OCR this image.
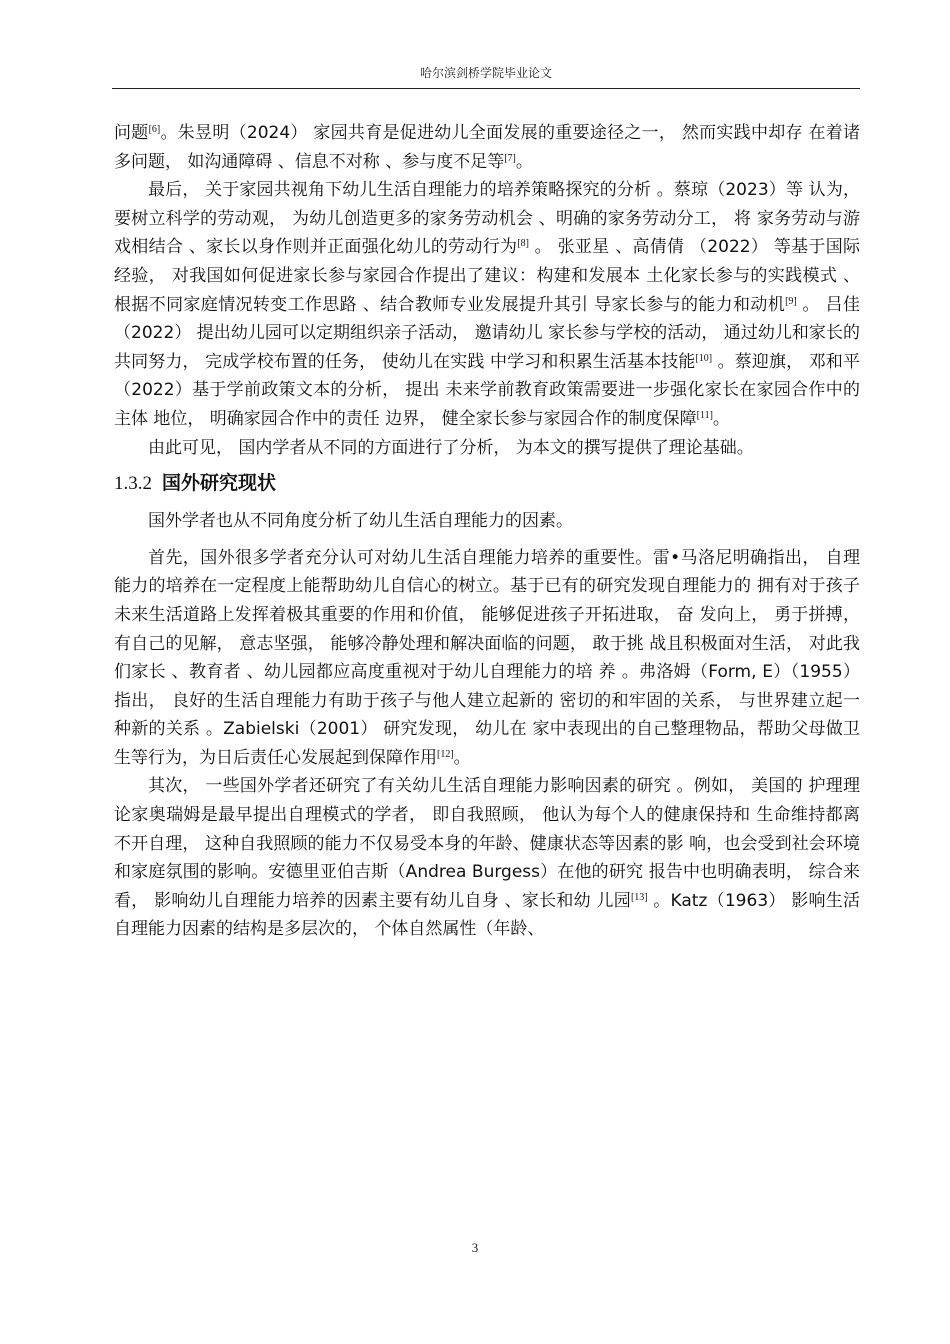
哈尔滨剑桥学院毕业论文

问题[6]。朱昱明（2024） 家园共育是促进幼儿全面发展的重要途径之一， 然而实践中却存 在着诸多问题， 如沟通障碍 、信息不对称 、参与度不足等[7]。

最后， 关于家园共视角下幼儿生活自理能力的培养策略探究的分析 。蔡琼（2023）等 认为， 要树立科学的劳动观， 为幼儿创造更多的家务劳动机会 、明确的家务劳动分工， 将 家务劳动与游戏相结合 、家长以身作则并正面强化幼儿的劳动行为[8] 。 张亚星 、高倩倩 （2022） 等基于国际经验， 对我国如何促进家长参与家园合作提出了建议：构建和发展本 土化家长参与的实践模式 、根据不同家庭情况转变工作思路 、结合教师专业发展提升其引 导家长参与的能力和动机[9] 。 吕佳（2022） 提出幼儿园可以定期组织亲子活动， 邀请幼儿 家长参与学校的活动， 通过幼儿和家长的共同努力， 完成学校布置的任务， 使幼儿在实践 中学习和积累生活基本技能[10] 。蔡迎旗， 邓和平（2022）基于学前政策文本的分析， 提出 未来学前教育政策需要进一步强化家长在家园合作中的主体 地位， 明确家园合作中的责任 边界， 健全家长参与家园合作的制度保障[11]。

由此可见， 国内学者从不同的方面进行了分析， 为本文的撰写提供了理论基础。

1.3.2 国外研究现状

国外学者也从不同角度分析了幼儿生活自理能力的因素。

首先，国外很多学者充分认可对幼儿生活自理能力培养的重要性。雷•马洛尼明确指出， 自理能力的培养在一定程度上能帮助幼儿自信心的树立。基于已有的研究发现自理能力的 拥有对于孩子未来生活道路上发挥着极其重要的作用和价值， 能够促进孩子开拓进取， 奋 发向上， 勇于拼搏， 有自己的见解， 意志坚强， 能够冷静处理和解决面临的问题， 敢于挑 战且积极面对生活， 对此我们家长 、教育者 、幼儿园都应高度重视对于幼儿自理能力的培 养 。弗洛姆（Form, E）（1955）指出， 良好的生活自理能力有助于孩子与他人建立起新的 密切的和牢固的关系， 与世界建立起一种新的关系 。Zabielski（2001） 研究发现， 幼儿在 家中表现出的自己整理物品，帮助父母做卫生等行为，为日后责任心发展起到保障作用[12]。

其次， 一些国外学者还研究了有关幼儿生活自理能力影响因素的研究 。例如， 美国的 护理理论家奥瑞姆是最早提出自理模式的学者， 即自我照顾， 他认为每个人的健康保持和 生命维持都离不开自理， 这种自我照顾的能力不仅易受本身的年龄、健康状态等因素的影 响，也会受到社会环境和家庭氛围的影响。安德里亚伯吉斯（Andrea Burgess）在他的研究 报告中也明确表明， 综合来看， 影响幼儿自理能力培养的因素主要有幼儿自身 、家长和幼 儿园[13] 。Katz（1963） 影响生活自理能力因素的结构是多层次的， 个体自然属性（年龄、

3
